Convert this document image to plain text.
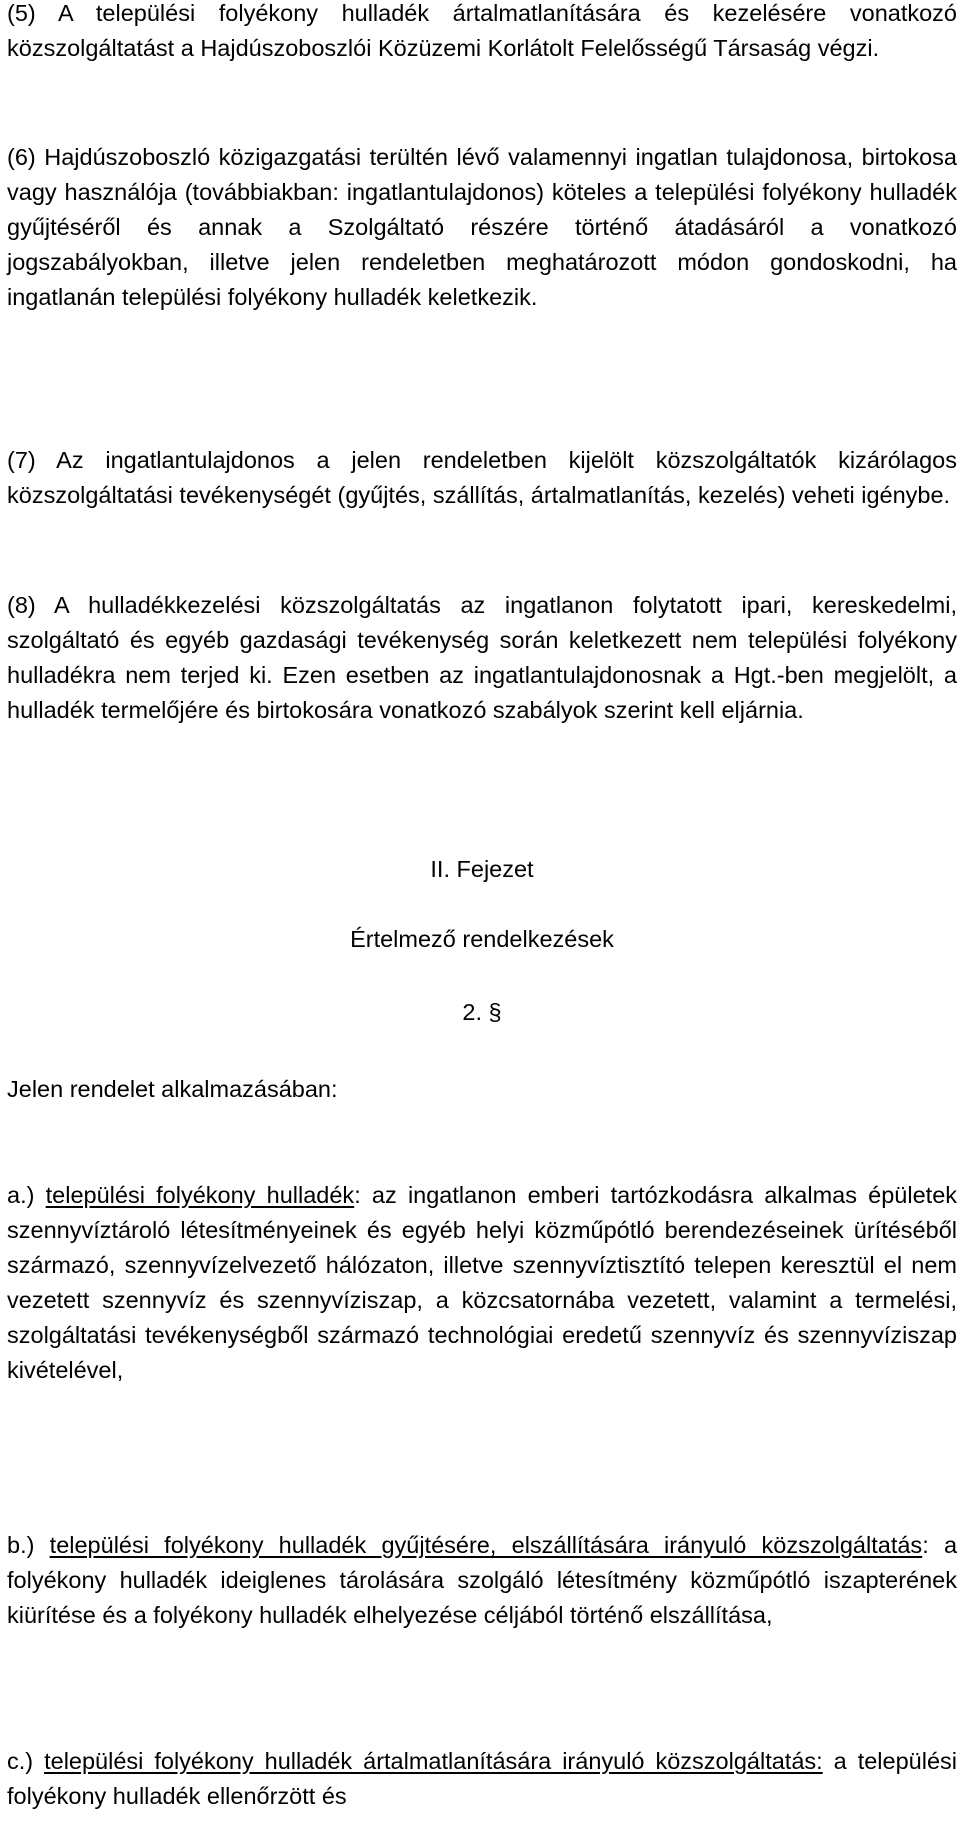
(5) A települési folyékony hulladék ártalmatlanítására és kezelésére vonatkozó közszolgáltatást a Hajdúszoboszlói Közüzemi Korlátolt Felelősségű Társaság végzi.

(6) Hajdúszoboszló közigazgatási terültén lévő valamennyi ingatlan tulajdonosa, birtokosa vagy használója (továbbiakban: ingatlantulajdonos) köteles a települési folyékony hulladék gyűjtéséről és annak a Szolgáltató részére történő átadásáról a vonatkozó jogszabályokban, illetve jelen rendeletben meghatározott módon gondoskodni, ha ingatlanán települési folyékony hulladék keletkezik.

(7) Az ingatlantulajdonos a jelen rendeletben kijelölt közszolgáltatók kizárólagos közszolgáltatási tevékenységét (gyűjtés, szállítás, ártalmatlanítás, kezelés) veheti igénybe.

(8) A hulladékkezelési közszolgáltatás az ingatlanon folytatott ipari, kereskedelmi, szolgáltató és egyéb gazdasági tevékenység során keletkezett nem települési folyékony hulladékra nem terjed ki. Ezen esetben az ingatlantulajdonosnak a Hgt.-ben megjelölt, a hulladék termelőjére és birtokosára vonatkozó szabályok szerint kell eljárnia.

II. Fejezet
Értelmező rendelkezések
2. §
Jelen rendelet alkalmazásában:

a.) települési folyékony hulladék: az ingatlanon emberi tartózkodásra alkalmas épületek szennyvíztároló létesítményeinek és egyéb helyi közműpótló berendezéseinek ürítéséből származó, szennyvízelvezető hálózaton, illetve szennyvíztisztító telepen keresztül el nem vezetett szennyvíz és szennyvíziszap, a közcsatornába vezetett, valamint a termelési, szolgáltatási tevékenységből származó technológiai eredetű szennyvíz és szennyvíziszap kivételével,

b.) települési folyékony hulladék gyűjtésére, elszállítására irányuló közszolgáltatás: a folyékony hulladék ideiglenes tárolására szolgáló létesítmény közműpótló iszapterének kiürítése és a folyékony hulladék elhelyezése céljából történő elszállítása,

c.) települési folyékony hulladék ártalmatlanítására irányuló közszolgáltatás: a települési folyékony hulladék ellenőrzött és
